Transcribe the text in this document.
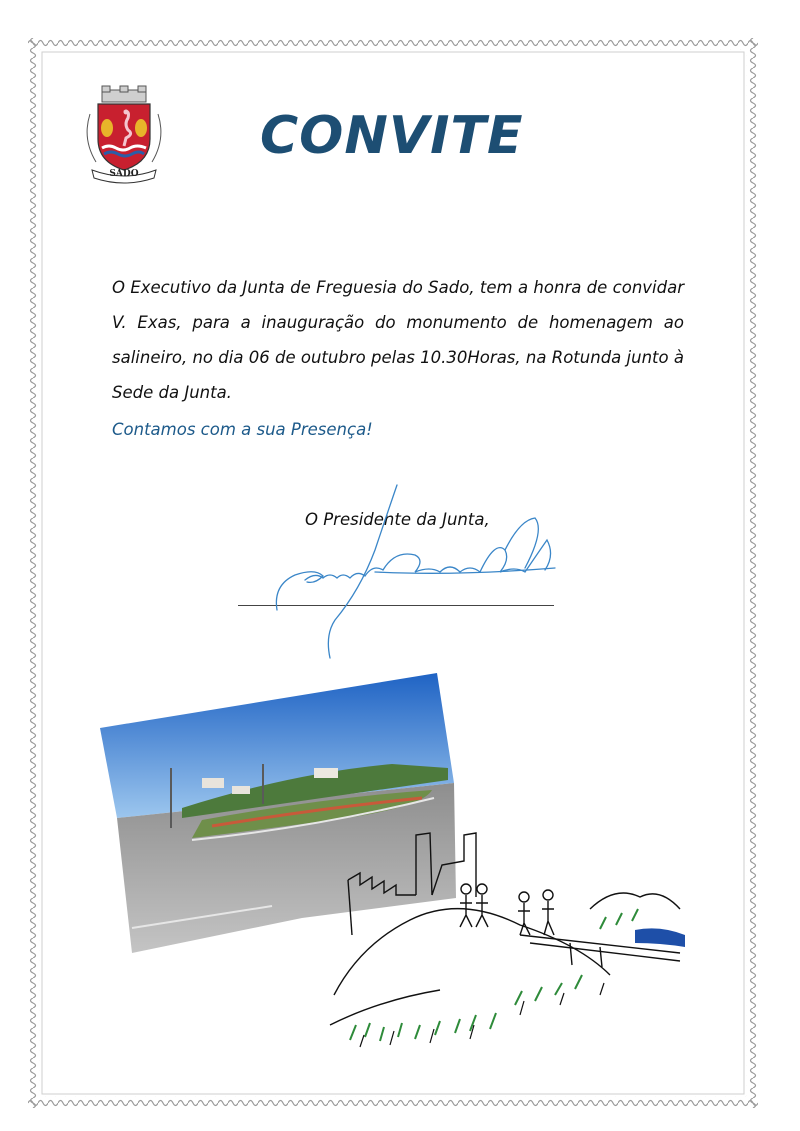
SADO
CONVITE
O Executivo da Junta de Freguesia do Sado, tem a honra de convidar V. Exas, para a inauguração do monumento de homenagem ao salineiro, no dia 06 de outubro pelas 10.30Horas, na Rotunda junto à Sede da Junta.
Contamos com a sua Presença!
O Presidente da Junta,
